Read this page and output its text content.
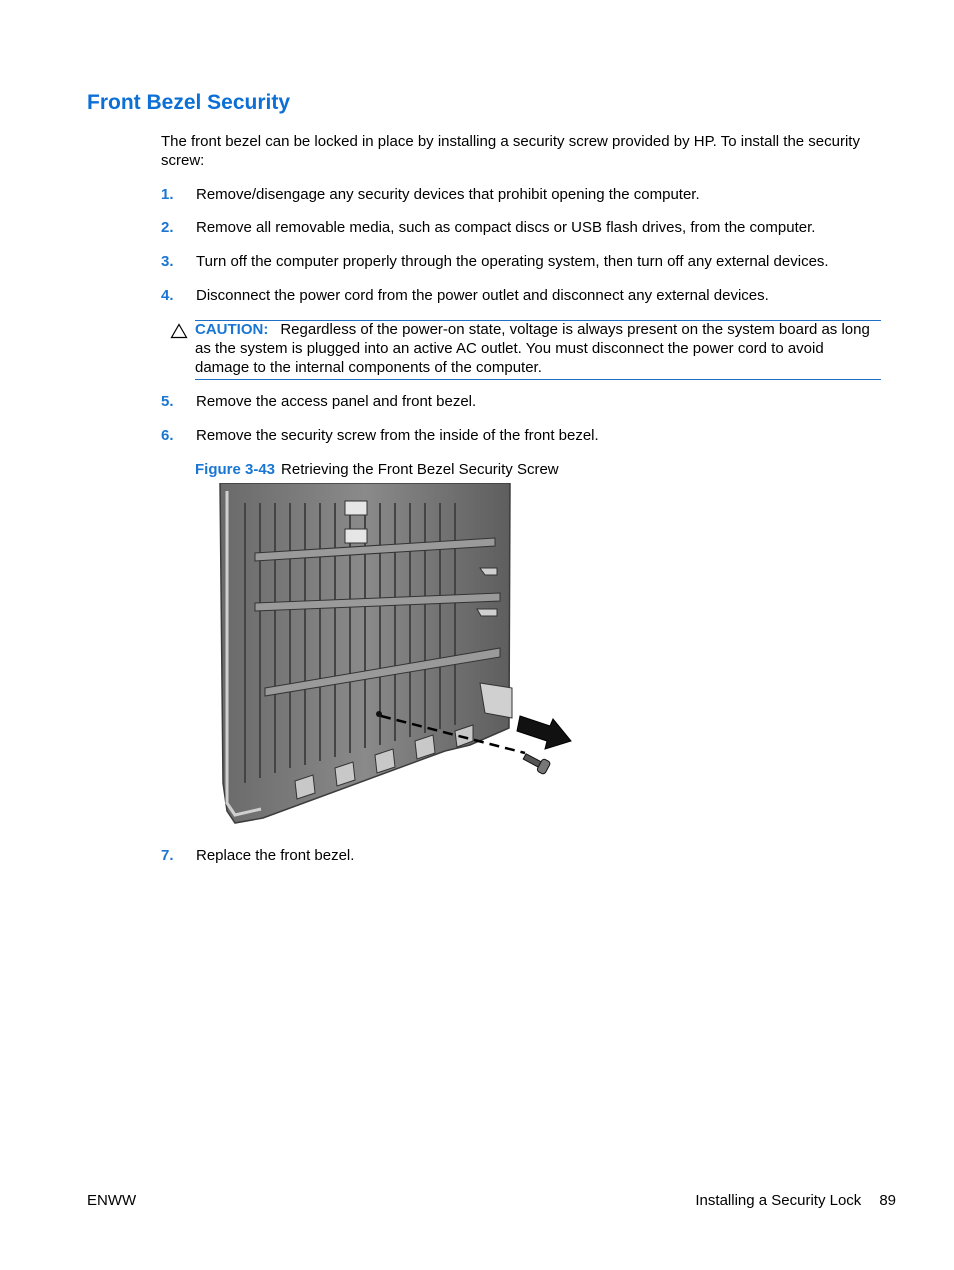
Front Bezel Security

The front bezel can be locked in place by installing a security screw provided by HP. To install the security screw:

1. Remove/disengage any security devices that prohibit opening the computer.
2. Remove all removable media, such as compact discs or USB flash drives, from the computer.
3. Turn off the computer properly through the operating system, then turn off any external devices.
4. Disconnect the power cord from the power outlet and disconnect any external devices.
CAUTION: Regardless of the power-on state, voltage is always present on the system board as long as the system is plugged into an active AC outlet. You must disconnect the power cord to avoid damage to the internal components of the computer.
5. Remove the access panel and front bezel.
6. Remove the security screw from the inside of the front bezel.
Figure 3-43 Retrieving the Front Bezel Security Screw
7. Replace the front bezel.
ENWW	Installing a Security Lock 89
